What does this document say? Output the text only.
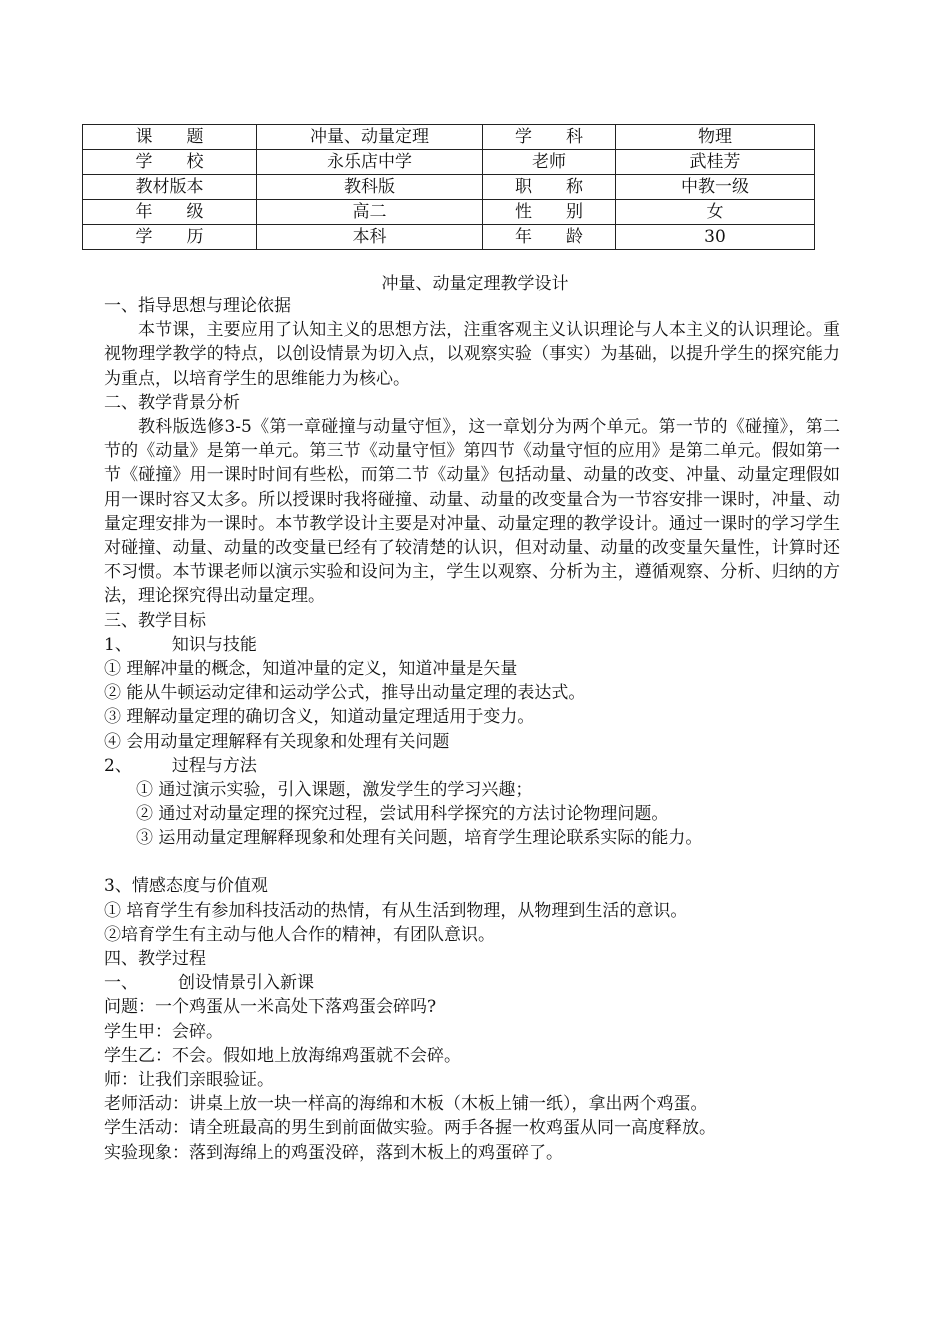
课　　题	冲量、动量定理	学　　科	物理
学　　校	永乐店中学	老师	武桂芳
教材版本	教科版	职　　称	中教一级
年　　级	高二	性　　别	女
学　　历	本科	年　　龄	30
冲量、动量定理教学设计
一、指导思想与理论依据
本节课，主要应用了认知主义的思想方法，注重客观主义认识理论与人本主义的认识理论。重视物理学教学的特点，以创设情景为切入点，以观察实验（事实）为基础，以提升学生的探究能力为重点，以培育学生的思维能力为核心。
二、教学背景分析
教科版选修3-5《第一章碰撞与动量守恒》，这一章划分为两个单元。第一节的《碰撞》，第二节的《动量》是第一单元。第三节《动量守恒》第四节《动量守恒的应用》是第二单元。假如第一节《碰撞》用一课时时间有些松，而第二节《动量》包括动量、动量的改变、冲量、动量定理假如用一课时容又太多。所以授课时我将碰撞、动量、动量的改变量合为一节容安排一课时，冲量、动量定理安排为一课时。本节教学设计主要是对冲量、动量定理的教学设计。通过一课时的学习学生对碰撞、动量、动量的改变量已经有了较清楚的认识，但对动量、动量的改变量矢量性，计算时还不习惯。本节课老师以演示实验和设问为主，学生以观察、分析为主，遵循观察、分析、归纳的方法，理论探究得出动量定理。
三、教学目标
1、 知识与技能
① 理解冲量的概念，知道冲量的定义，知道冲量是矢量
② 能从牛顿运动定律和运动学公式，推导出动量定理的表达式。
③ 理解动量定理的确切含义，知道动量定理适用于变力。
④ 会用动量定理解释有关现象和处理有关问题
2、 过程与方法
① 通过演示实验，引入课题，激发学生的学习兴趣；
② 通过对动量定理的探究过程，尝试用科学探究的方法讨论物理问题。
③ 运用动量定理解释现象和处理有关问题，培育学生理论联系实际的能力。
3、情感态度与价值观
① 培育学生有参加科技活动的热情，有从生活到物理，从物理到生活的意识。
②培育学生有主动与他人合作的精神，有团队意识。
四、教学过程
一、 创设情景引入新课
问题：一个鸡蛋从一米高处下落鸡蛋会碎吗?
学生甲：会碎。
学生乙：不会。假如地上放海绵鸡蛋就不会碎。
师：让我们亲眼验证。
老师活动：讲桌上放一块一样高的海绵和木板（木板上铺一纸），拿出两个鸡蛋。
学生活动：请全班最高的男生到前面做实验。两手各握一枚鸡蛋从同一高度释放。
实验现象：落到海绵上的鸡蛋没碎，落到木板上的鸡蛋碎了。
